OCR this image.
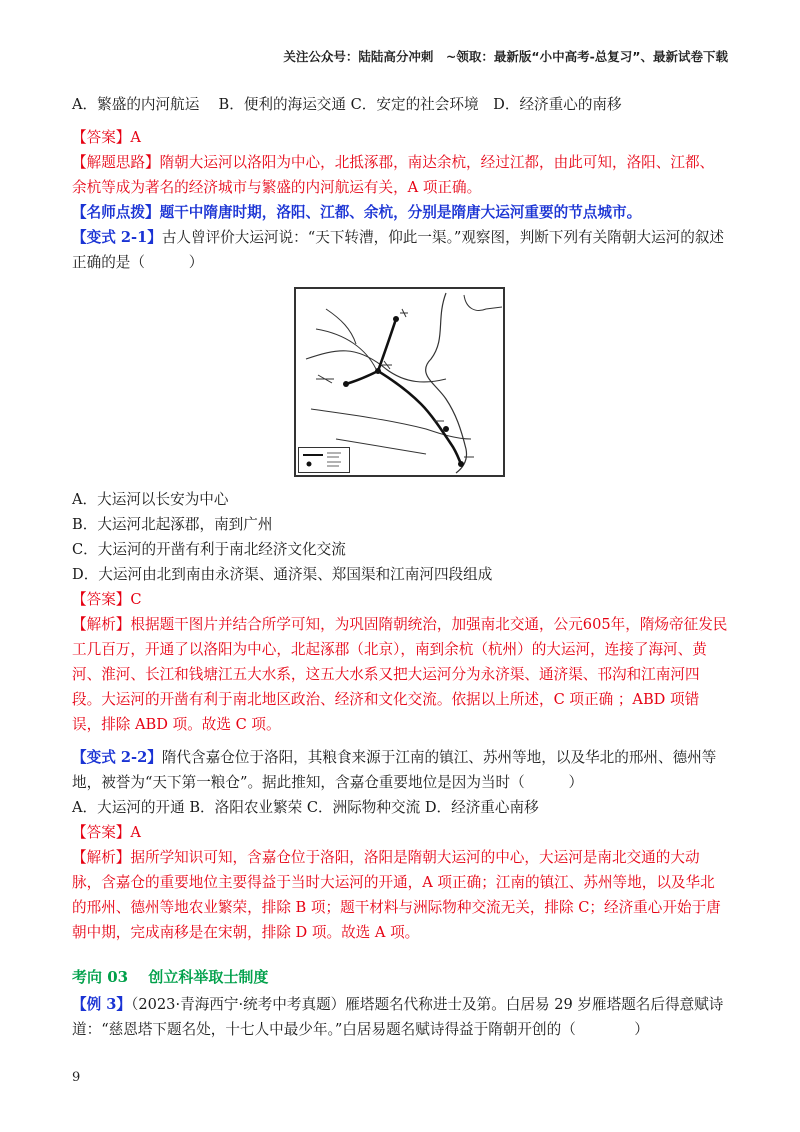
关注公众号：陆陆高分冲刺　~领取：最新版“小中高考-总复习”、最新试卷下载

A．繁盛的内河航运　 B．便利的海运交通 C．安定的社会环境　D．经济重心的南移

【答案】A

【解题思路】隋朝大运河以洛阳为中心，北抵涿郡，南达余杭，经过江都，由此可知，洛阳、江都、余杭等成为著名的经济城市与繁盛的内河航运有关，A 项正确。

【名师点拨】题干中隋唐时期，洛阳、江都、余杭，分别是隋唐大运河重要的节点城市。

【变式 2-1】古人曾评价大运河说：“天下转漕，仰此一渠。”观察图，判断下列有关隋朝大运河的叙述正确的是（　　　）

A．大运河以长安为中心

B．大运河北起涿郡，南到广州

C．大运河的开凿有利于南北经济文化交流

D．大运河由北到南由永济渠、通济渠、郑国渠和江南河四段组成

【答案】C

【解析】根据题干图片并结合所学可知，为巩固隋朝统治，加强南北交通，公元605年，隋炀帝征发民工几百万，开通了以洛阳为中心，北起涿郡（北京），南到余杭（杭州）的大运河，连接了海河、黄河、淮河、长江和钱塘江五大水系，这五大水系又把大运河分为永济渠、通济渠、邗沟和江南河四段。大运河的开凿有利于南北地区政治、经济和文化交流。依据以上所述，C 项正确 ；ABD 项错误，排除 ABD 项。故选 C 项。

【变式 2-2】隋代含嘉仓位于洛阳，其粮食来源于江南的镇江、苏州等地，以及华北的邢州、德州等地，被誉为“天下第一粮仓”。据此推知，含嘉仓重要地位是因为当时（　　　）

A．大运河的开通 B．洛阳农业繁荣 C．洲际物种交流 D．经济重心南移

【答案】A

【解析】据所学知识可知，含嘉仓位于洛阳，洛阳是隋朝大运河的中心，大运河是南北交通的大动脉，含嘉仓的重要地位主要得益于当时大运河的开通，A 项正确；江南的镇江、苏州等地，以及华北的邢州、德州等地农业繁荣，排除 B 项；题干材料与洲际物种交流无关，排除 C；经济重心开始于唐朝中期，完成南移是在宋朝，排除 D 项。故选 A 项。

考向 03　 创立科举取士制度

【例 3】（2023·青海西宁·统考中考真题）雁塔题名代称进士及第。白居易 29 岁雁塔题名后得意赋诗道：“慈恩塔下题名处，十七人中最少年。”白居易题名赋诗得益于隋朝开创的（　　　　）

9
